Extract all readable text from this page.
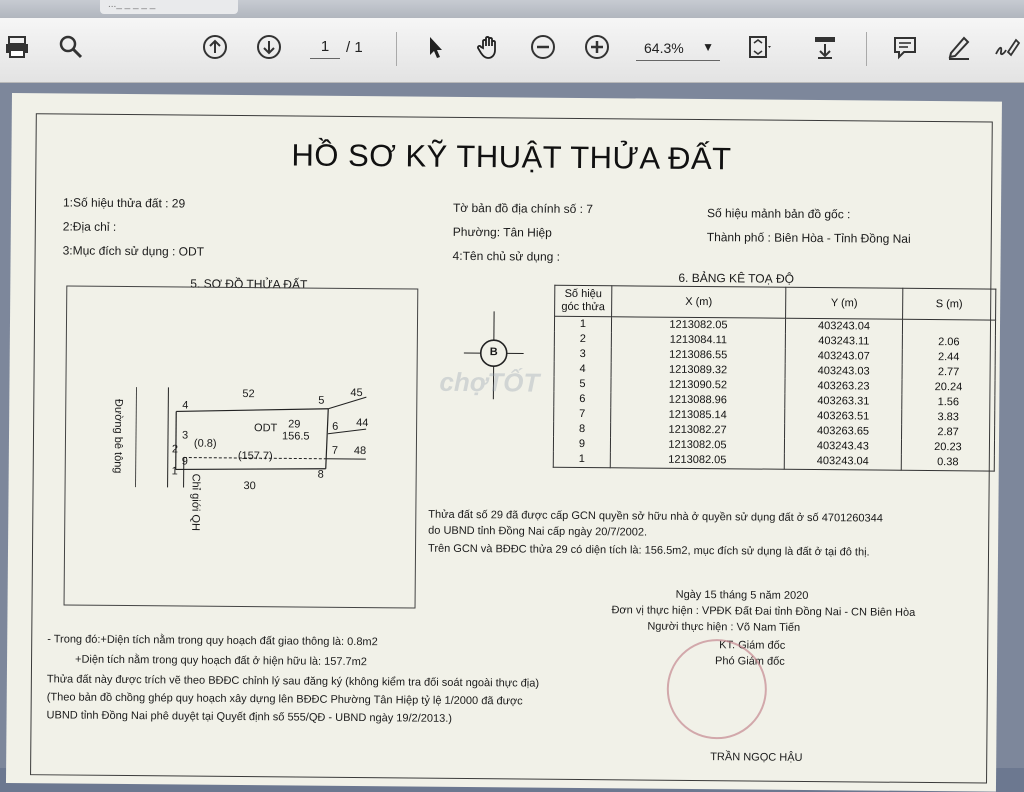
..._ _ _ _ _
1	/ 1	64.3% ▼
HỒ SƠ KỸ THUẬT THỬA ĐẤT
1:Số hiệu thửa đất : 29
2:Địa chỉ :
3:Mục đích sử dụng : ODT
Tờ bản đồ địa chính số : 7
Phường: Tân Hiệp
4:Tên chủ sử dụng :
Số hiệu mảnh bản đồ gốc :
Thành phố : Biên Hòa - Tỉnh Đồng Nai
5. SƠ ĐỒ THỬA ĐẤT	6. BẢNG KÊ TOẠ ĐỘ
Đường bê tông
Chỉ giới QH
ODT 29
156.5
(0.8)
(157.7)
52	45
44
48
30
1
2
3
4	5
6
7
8
9
B
chợTỐT
Số hiệu góc thửa	X (m)	Y (m)	S (m)
1	1213082.05	403243.04	
2	1213084.11	403243.11	2.06
3	1213086.55	403243.07	2.44
4	1213089.32	403243.03	2.77
5	1213090.52	403263.23	20.24
6	1213088.96	403263.31	1.56
7	1213085.14	403263.51	3.83
8	1213082.27	403263.65	2.87
9	1213082.05	403243.43	20.23
1	1213082.05	403243.04	0.38
Thửa đất số 29 đã được cấp GCN quyền sở hữu nhà ở quyền sử dụng đất ở số 4701260344
do UBND tỉnh Đồng Nai cấp ngày 20/7/2002.
Trên GCN và BĐĐC thửa 29 có diện tích là: 156.5m2, mục đích sử dụng là đất ở tại đô thị.
Ngày 15 tháng 5 năm 2020
Đơn vị thực hiện : VPĐK Đất Đai tỉnh Đồng Nai - CN Biên Hòa
Người thực hiện : Võ Nam Tiến
KT. Giám đốc
Phó Giám đốc
TRẦN NGỌC HẬU
- Trong đó:+Diện tích nằm trong quy hoạch đất giao thông là: 0.8m2
+Diện tích nằm trong quy hoạch đất ở hiện hữu là: 157.7m2
Thửa đất này được trích vẽ theo BĐĐC chỉnh lý sau đăng ký (không kiểm tra đối soát ngoài thực địa)
(Theo bản đồ chồng ghép quy hoạch xây dựng lên BĐĐC Phường Tân Hiệp tỷ lệ 1/2000 đã được
UBND tỉnh Đồng Nai phê duyệt tại Quyết định số 555/QĐ - UBND ngày 19/2/2013.)
